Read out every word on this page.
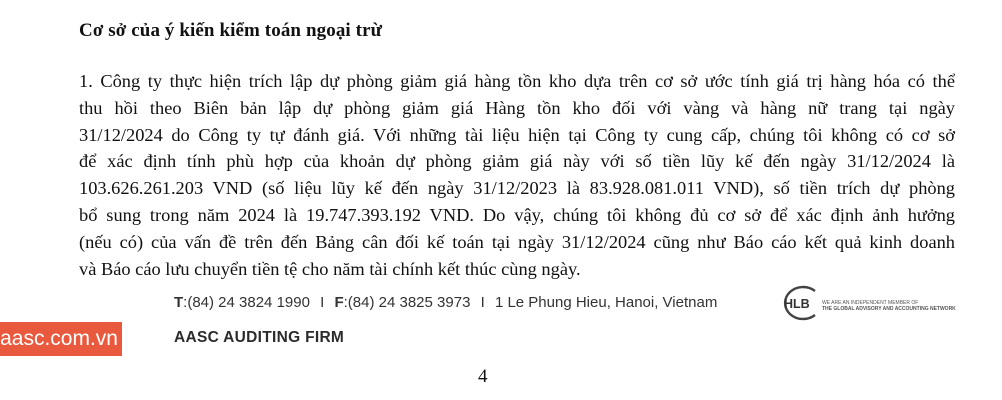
Cơ sở của ý kiến kiểm toán ngoại trừ
1. Công ty thực hiện trích lập dự phòng giảm giá hàng tồn kho dựa trên cơ sở ước tính giá trị hàng hóa có thể
thu hồi theo Biên bản lập dự phòng giảm giá Hàng tồn kho đối với vàng và hàng nữ trang tại ngày
31/12/2024 do Công ty tự đánh giá. Với những tài liệu hiện tại Công ty cung cấp, chúng tôi không có cơ sở
để xác định tính phù hợp của khoản dự phòng giảm giá này với số tiền lũy kế đến ngày 31/12/2024 là
103.626.261.203 VND (số liệu lũy kế đến ngày 31/12/2023 là 83.928.081.011 VND), số tiền trích dự phòng
bổ sung trong năm 2024 là 19.747.393.192 VND. Do vậy, chúng tôi không đủ cơ sở để xác định ảnh hưởng
(nếu có) của vấn đề trên đến Bảng cân đối kế toán tại ngày 31/12/2024 cũng như Báo cáo kết quả kinh doanh
và Báo cáo lưu chuyển tiền tệ cho năm tài chính kết thúc cùng ngày.
T:(84) 24 3824 1990 I F:(84) 24 3825 3973 I 1 Le Phung Hieu, Hanoi, Vietnam	HLB WE ARE AN INDEPENDENT MEMBER OF
THE GLOBAL ADVISORY AND ACCOUNTING NETWORK
aasc.com.vn	AASC AUDITING FIRM
4
